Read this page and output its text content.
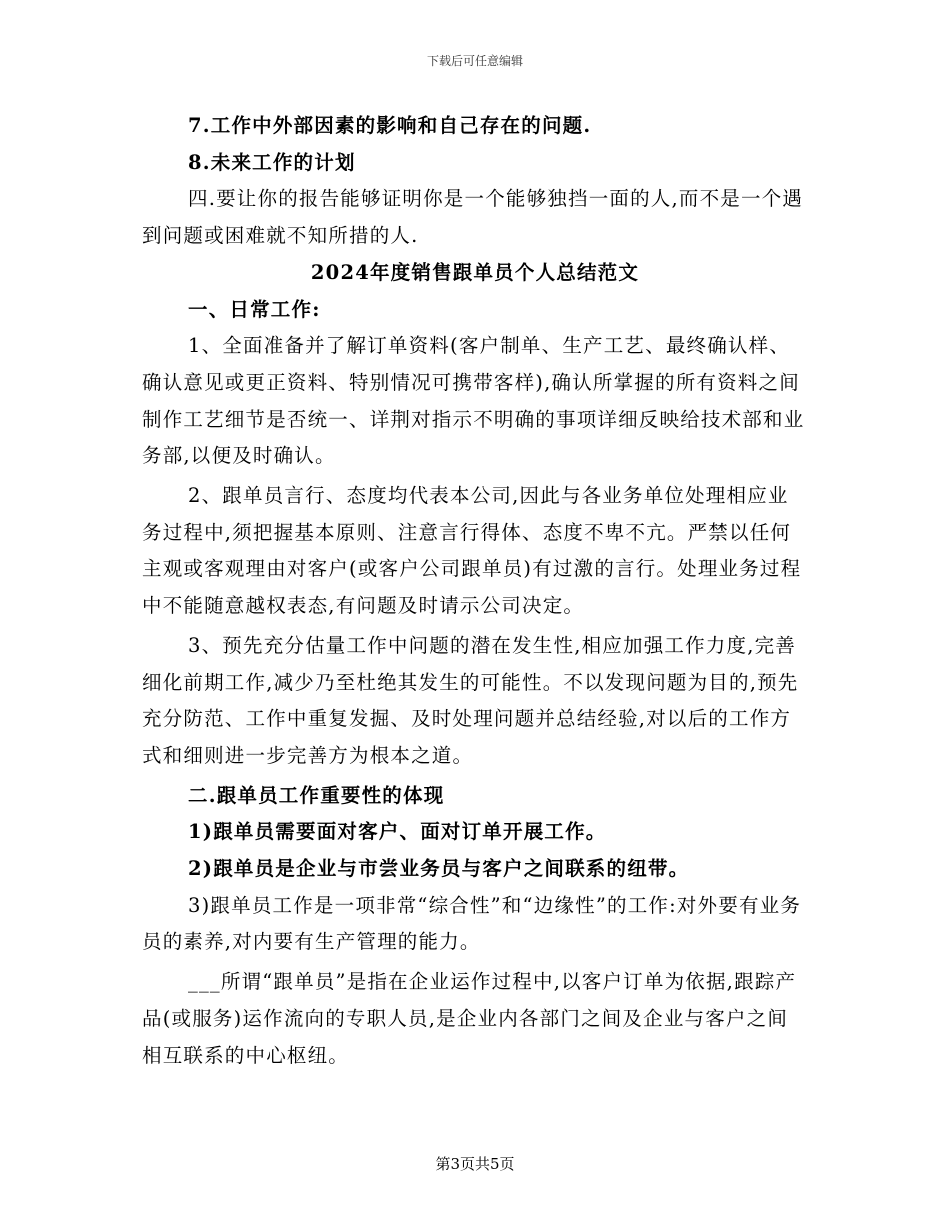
下载后可任意编辑

7.工作中外部因素的影响和自己存在的问题.

8.未来工作的计划

四.要让你的报告能够证明你是一个能够独挡一面的人,而不是一个遇到问题或困难就不知所措的人.

2024年度销售跟单员个人总结范文

一、日常工作:

1、全面准备并了解订单资料(客户制单、生产工艺、最终确认样、确认意见或更正资料、特别情况可携带客样),确认所掌握的所有资料之间制作工艺细节是否统一、详荆对指示不明确的事项详细反映给技术部和业务部,以便及时确认。

2、跟单员言行、态度均代表本公司,因此与各业务单位处理相应业务过程中,须把握基本原则、注意言行得体、态度不卑不亢。严禁以任何主观或客观理由对客户(或客户公司跟单员)有过激的言行。处理业务过程中不能随意越权表态,有问题及时请示公司决定。

3、预先充分估量工作中问题的潜在发生性,相应加强工作力度,完善细化前期工作,减少乃至杜绝其发生的可能性。不以发现问题为目的,预先充分防范、工作中重复发掘、及时处理问题并总结经验,对以后的工作方式和细则进一步完善方为根本之道。

二.跟单员工作重要性的体现

1)跟单员需要面对客户、面对订单开展工作。

2)跟单员是企业与市尝业务员与客户之间联系的纽带。

3)跟单员工作是一项非常“综合性”和“边缘性”的工作:对外要有业务员的素养,对内要有生产管理的能力。

___所谓“跟单员”是指在企业运作过程中,以客户订单为依据,跟踪产品(或服务)运作流向的专职人员,是企业内各部门之间及企业与客户之间相互联系的中心枢纽。

第3页共5页
